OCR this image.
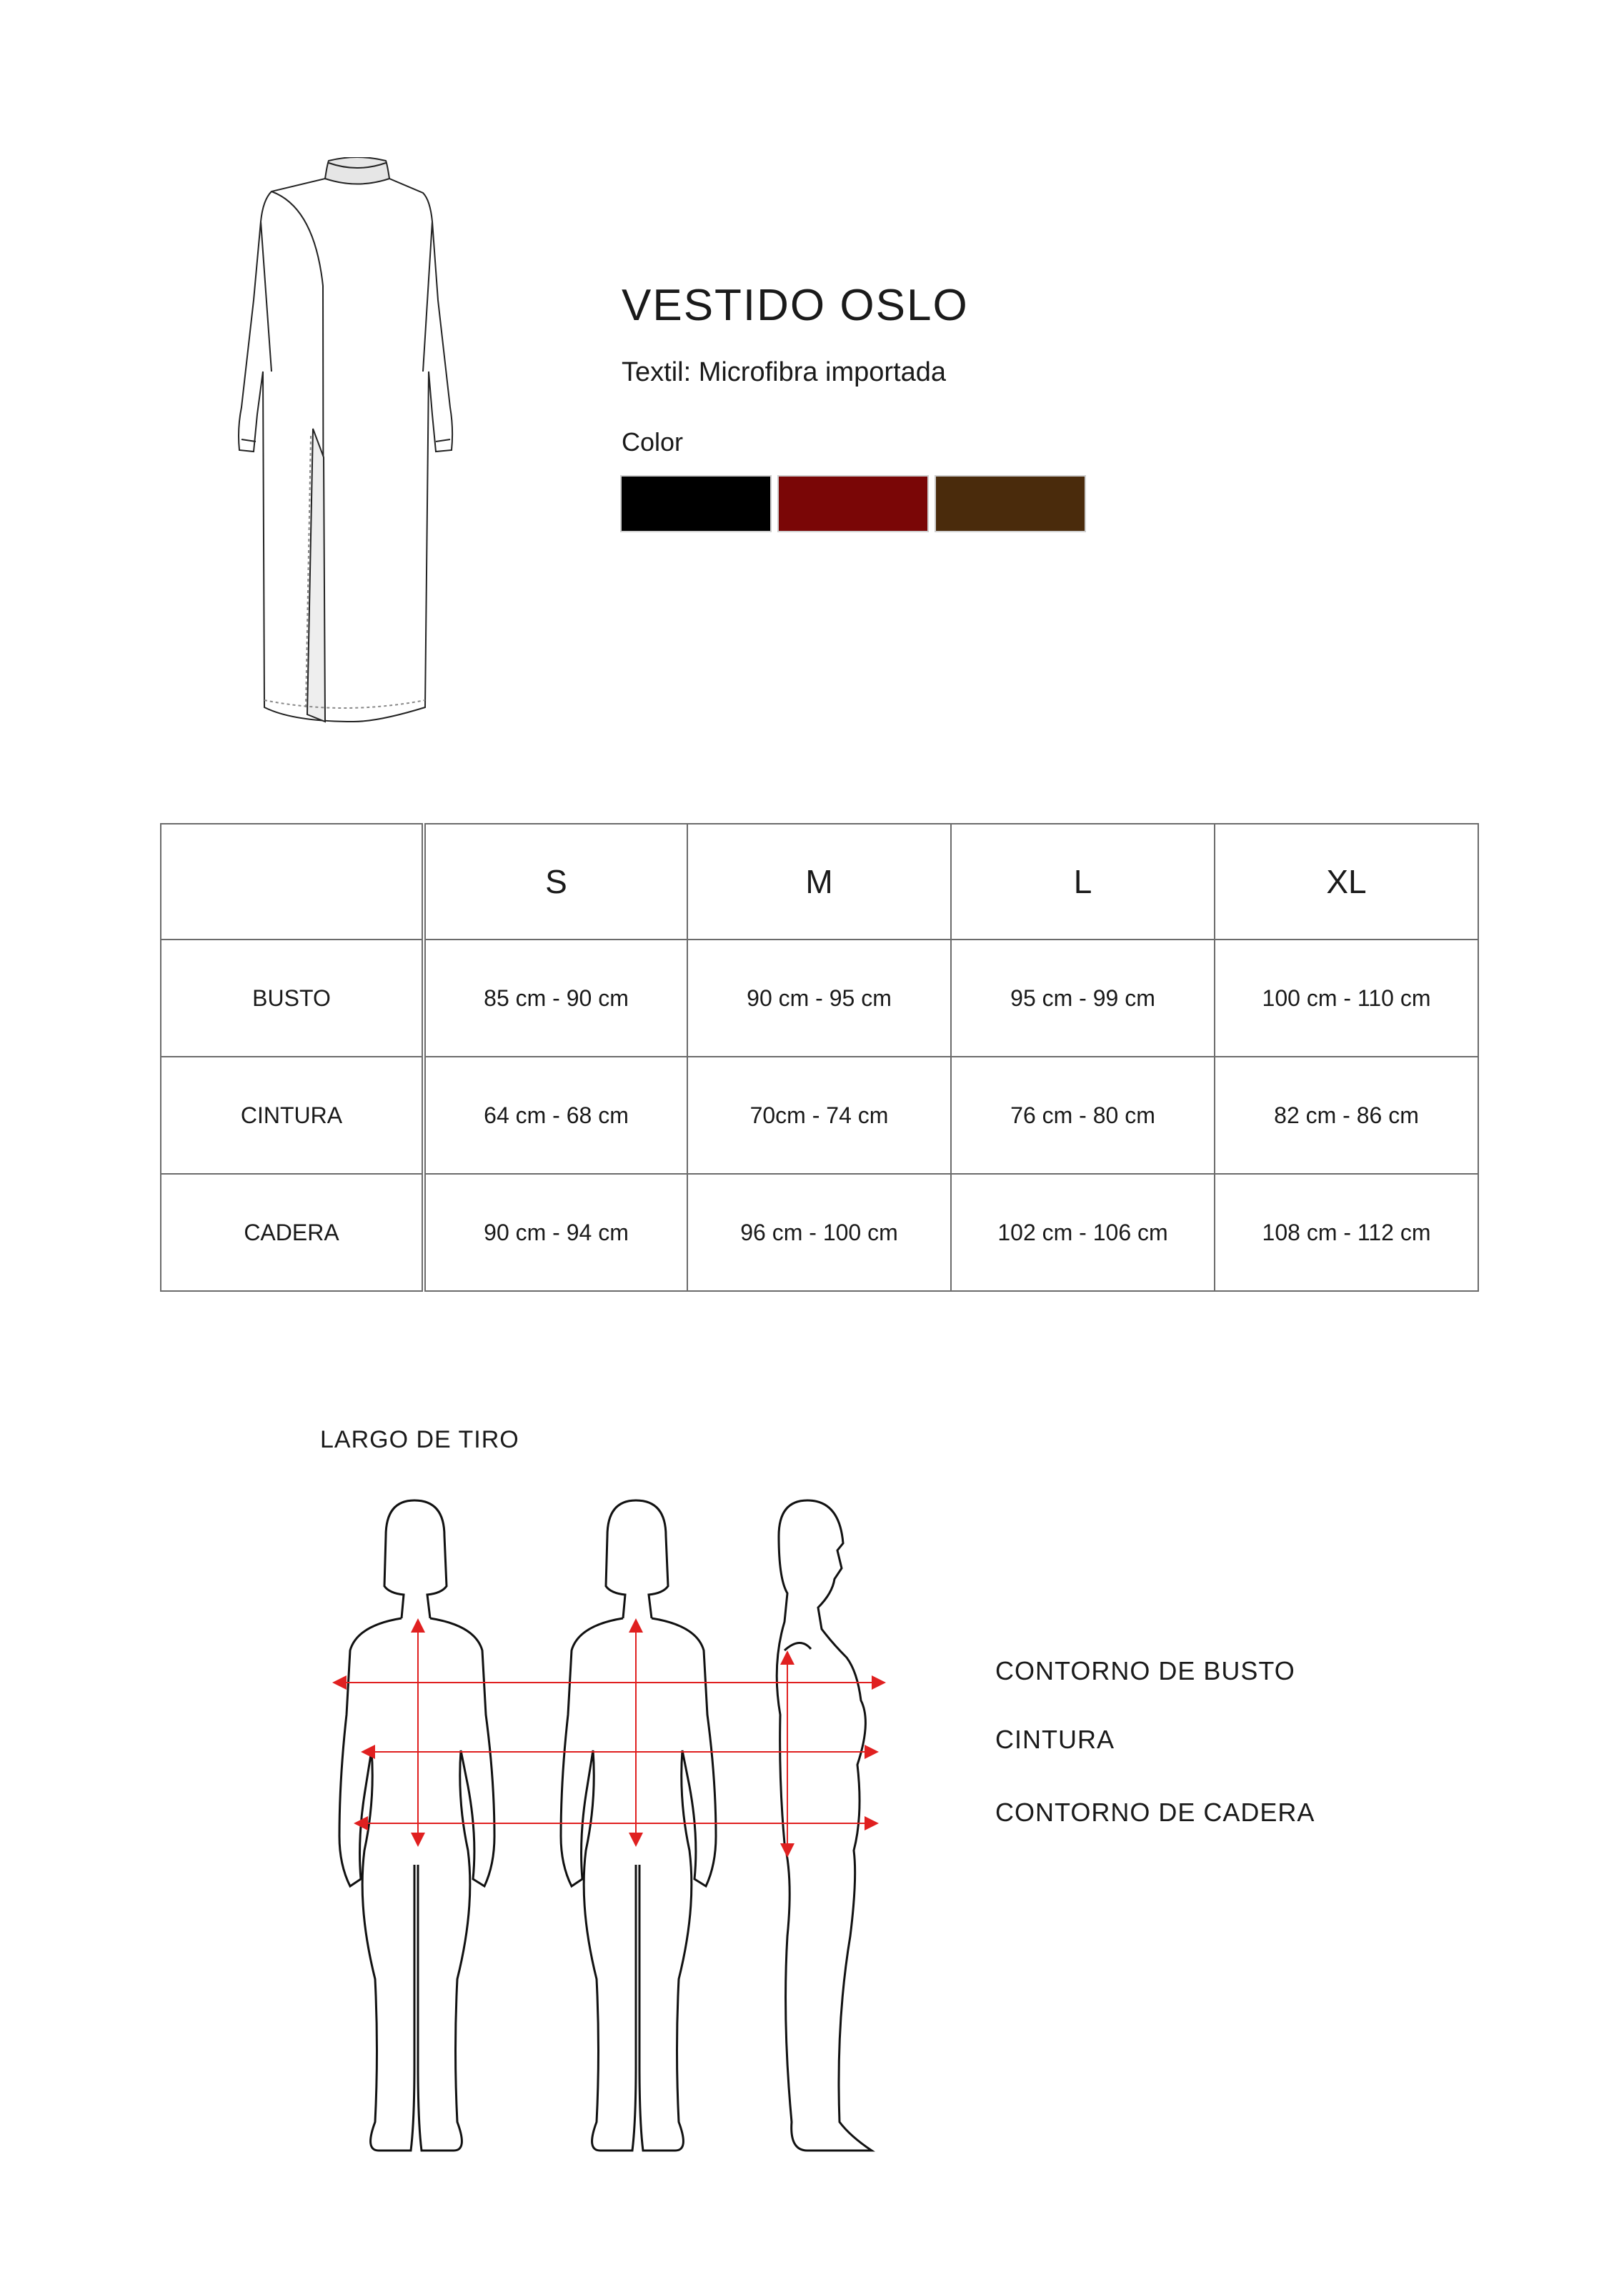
VESTIDO OSLO
Textil: Microfibra importada
Color
	S	M	L	XL
BUSTO	85 cm - 90 cm	90 cm - 95 cm	95 cm - 99 cm	100 cm - 110 cm
CINTURA	64 cm - 68 cm	70cm - 74 cm	76 cm - 80 cm	82 cm - 86 cm
CADERA	90 cm - 94 cm	96 cm - 100 cm	102 cm - 106 cm	108 cm - 112 cm
LARGO DE TIRO
CONTORNO DE BUSTO
CINTURA
CONTORNO DE CADERA
